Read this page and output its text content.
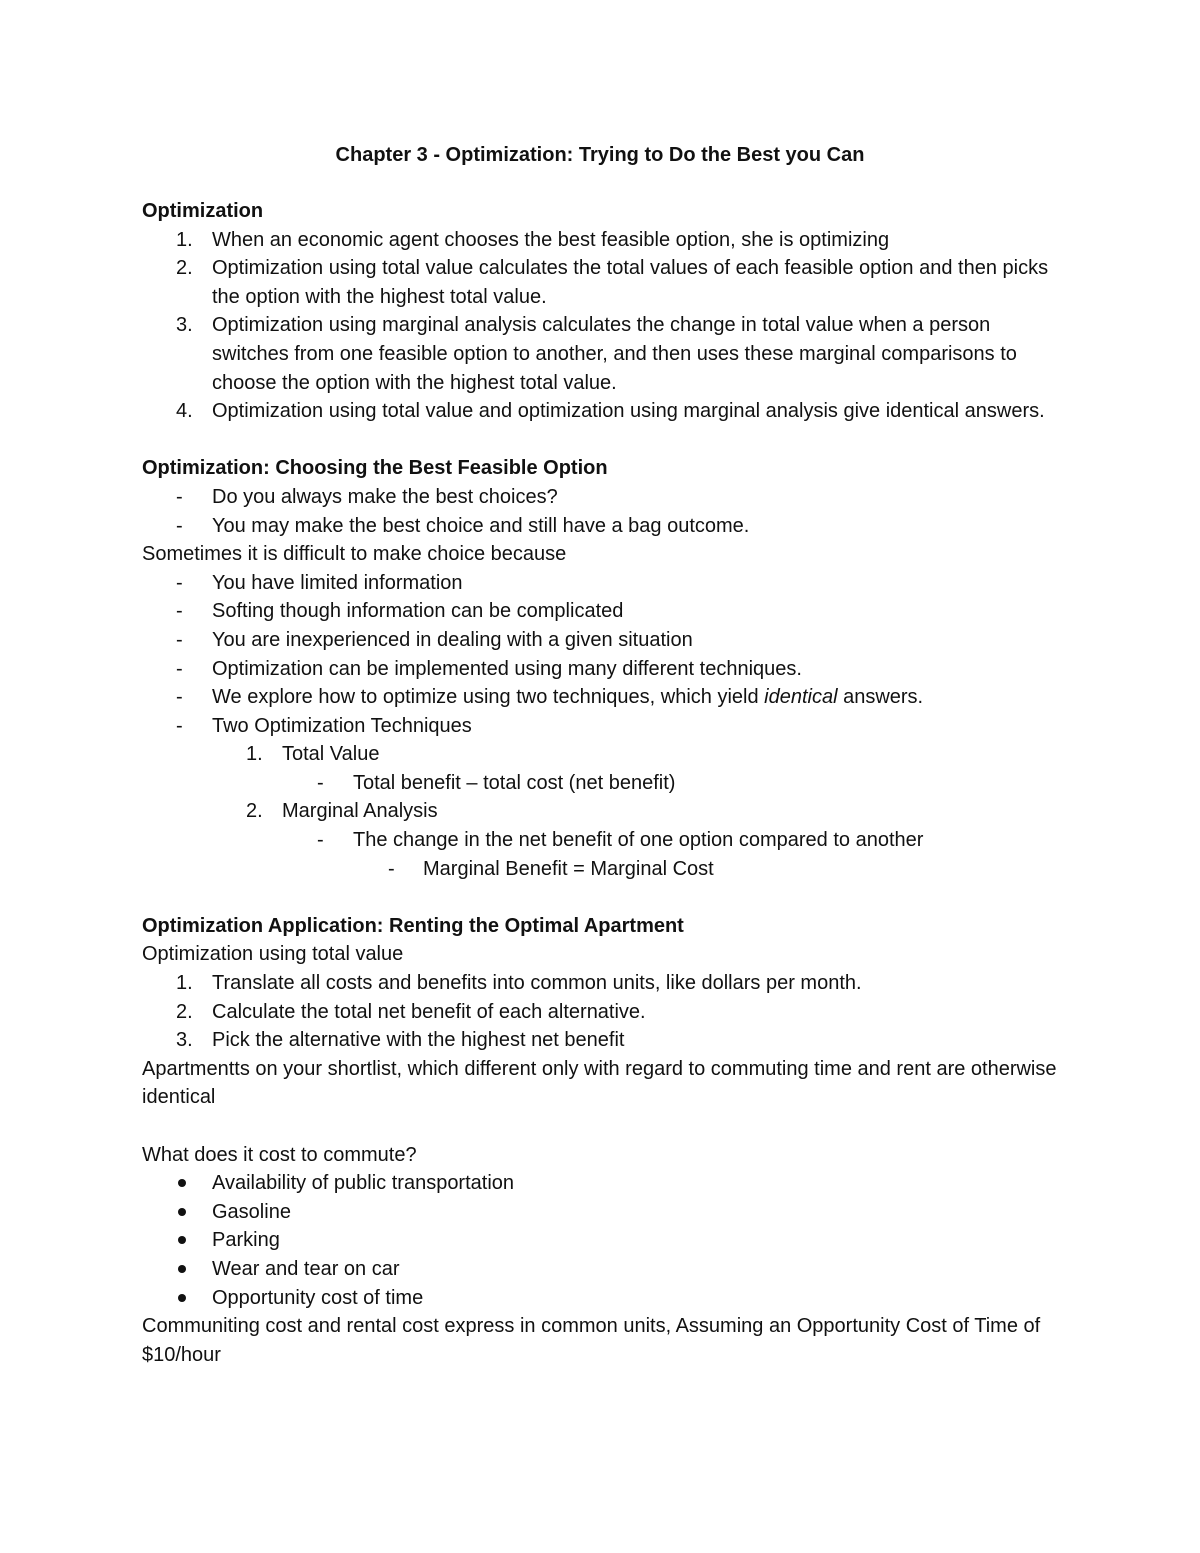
Chapter 3 - Optimization: Trying to Do the Best you Can
Optimization
1. When an economic agent chooses the best feasible option, she is optimizing
2. Optimization using total value calculates the total values of each feasible option and then picks the option with the highest total value.
3. Optimization using marginal analysis calculates the change in total value when a person switches from one feasible option to another, and then uses these marginal comparisons to choose the option with the highest total value.
4. Optimization using total value and optimization using marginal analysis give identical answers.
Optimization: Choosing the Best Feasible Option
- Do you always make the best choices?
- You may make the best choice and still have a bag outcome.
Sometimes it is difficult to make choice because
- You have limited information
- Softing though information can be complicated
- You are inexperienced in dealing with a given situation
- Optimization can be implemented using many different techniques.
- We explore how to optimize using two techniques, which yield identical answers.
- Two Optimization Techniques
1. Total Value
- Total benefit – total cost (net benefit)
2. Marginal Analysis
- The change in the net benefit of one option compared to another
- Marginal Benefit = Marginal Cost
Optimization Application: Renting the Optimal Apartment
Optimization using total value
1. Translate all costs and benefits into common units, like dollars per month.
2. Calculate the total net benefit of each alternative.
3. Pick the alternative with the highest net benefit
Apartmentts on your shortlist, which different only with regard to commuting time and rent are otherwise identical
What does it cost to commute?
Availability of public transportation
Gasoline
Parking
Wear and tear on car
Opportunity cost of time
Communiting cost and rental cost express in common units, Assuming an Opportunity Cost of Time of $10/hour
